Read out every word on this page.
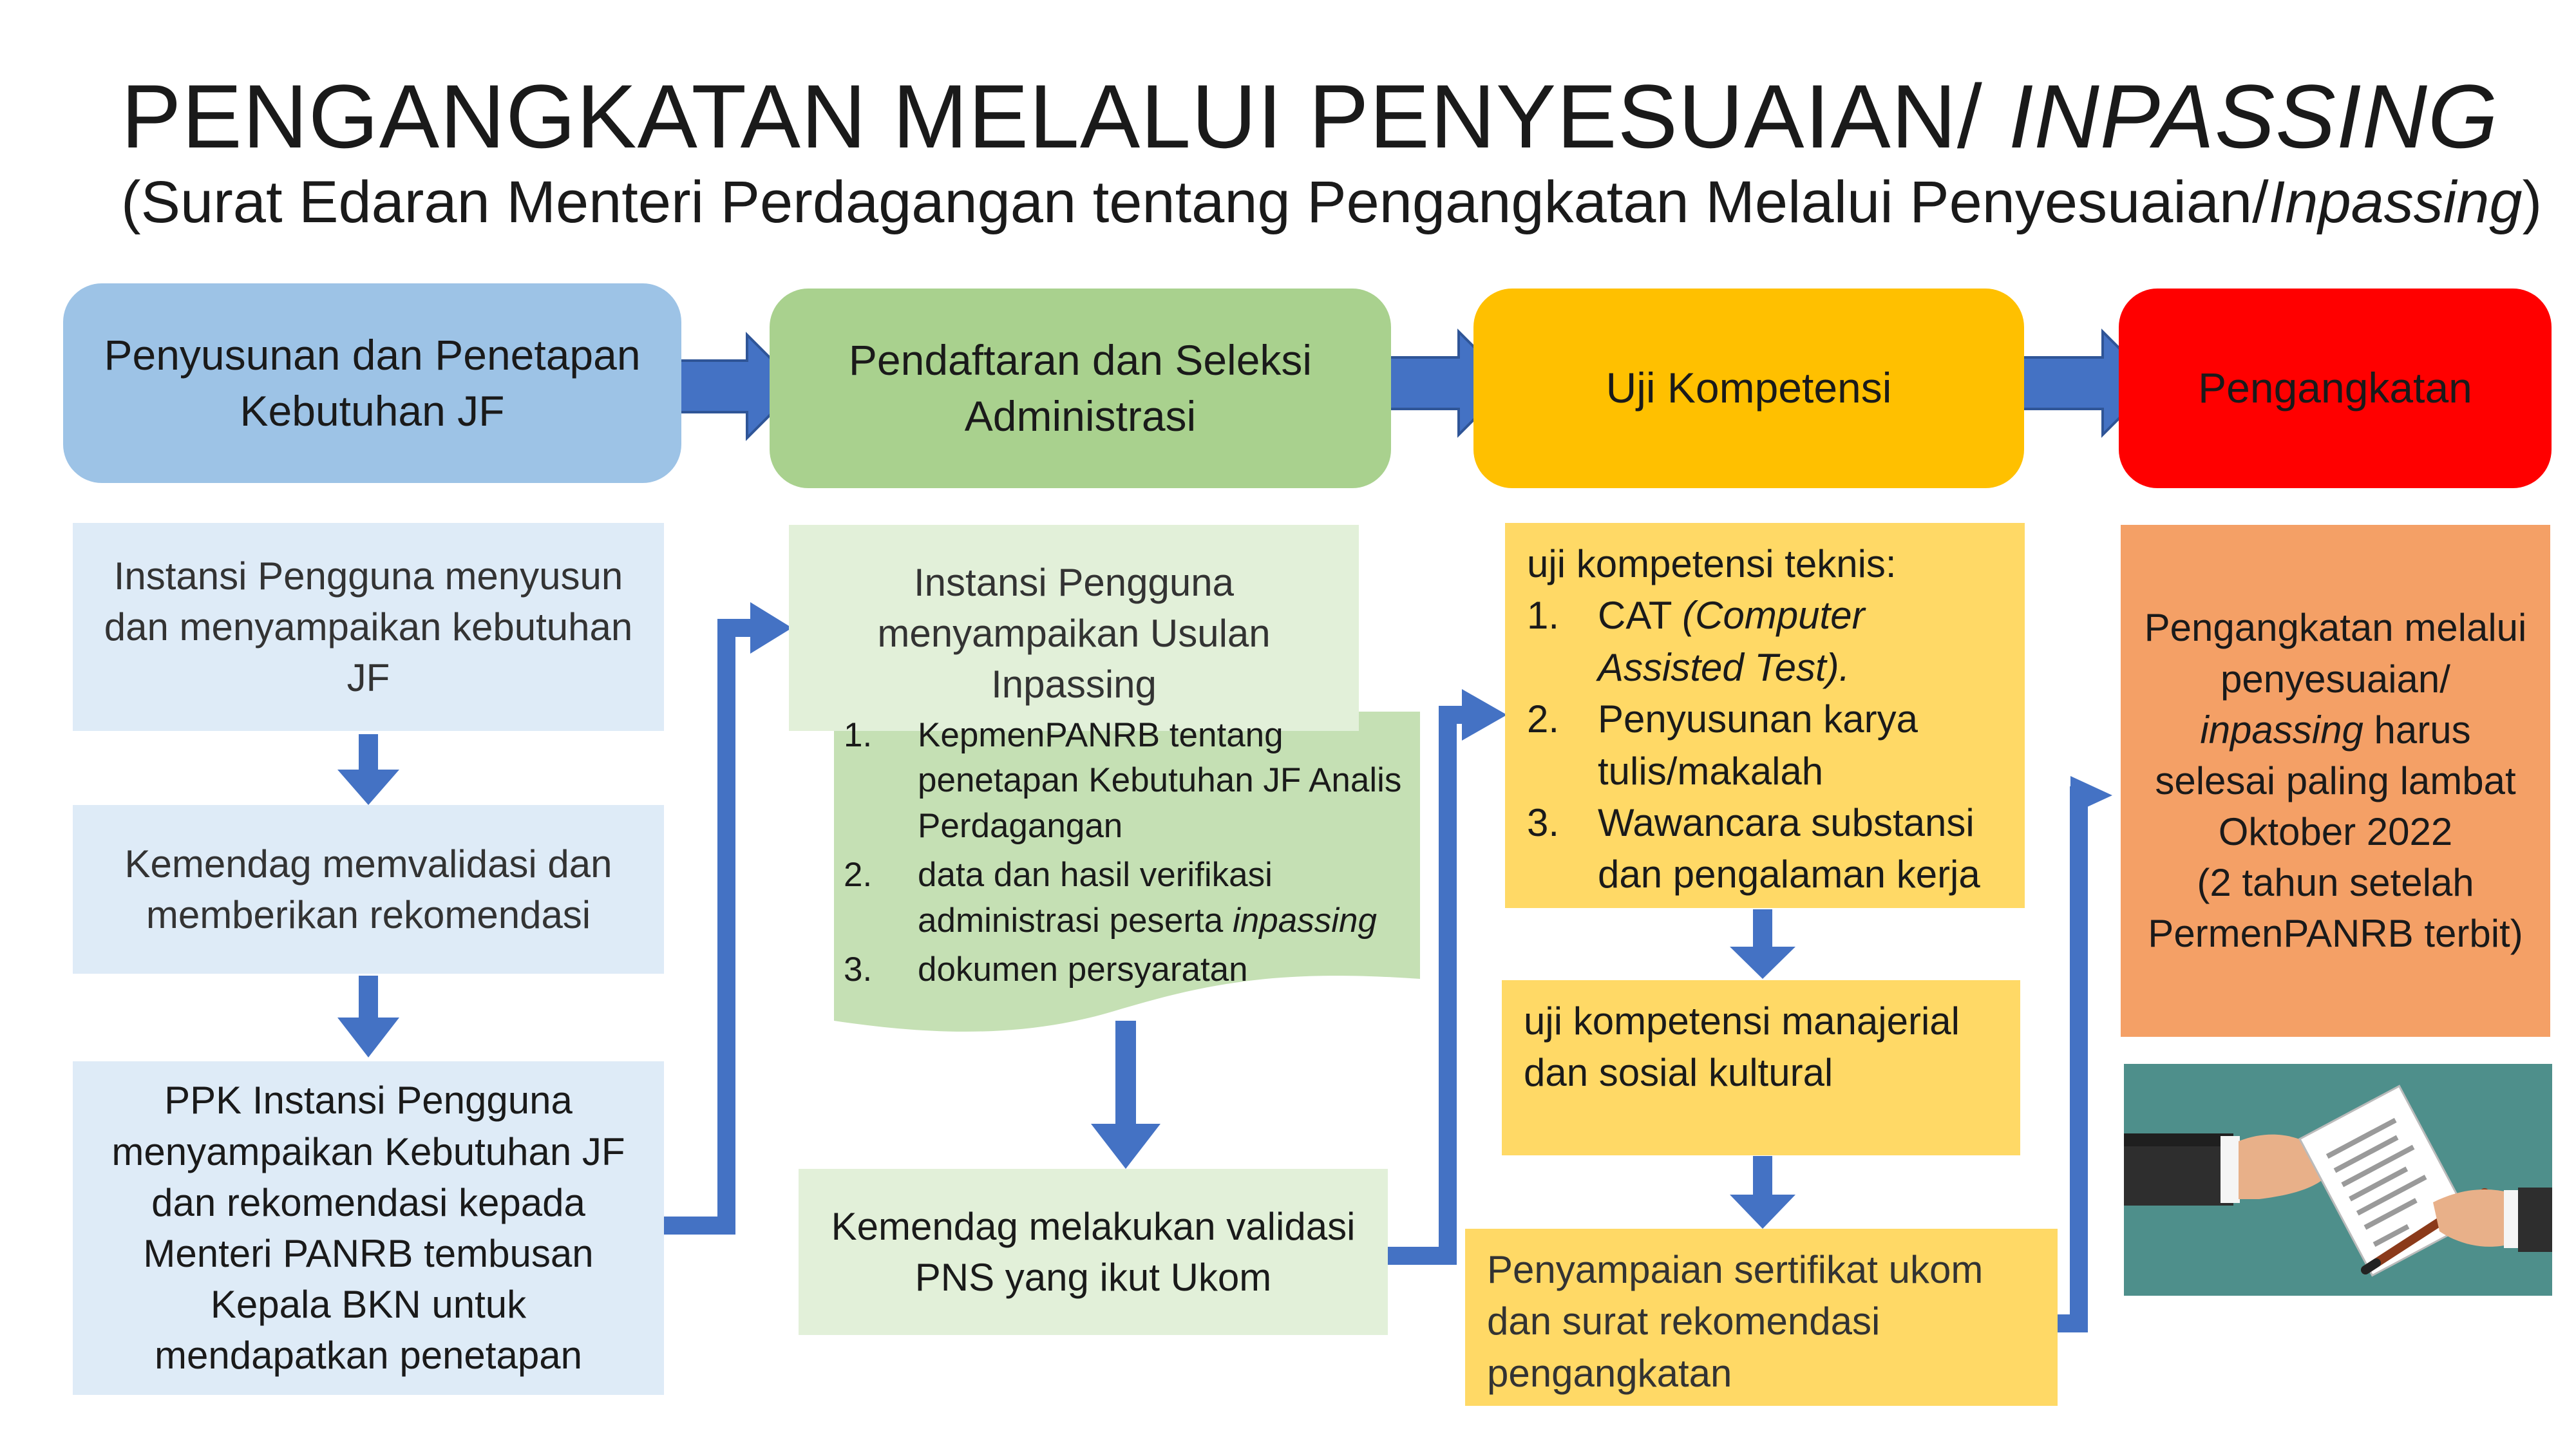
PENGANGKATAN MELALUI PENYESUAIAN/ INPASSING
(Surat Edaran Menteri Perdagangan tentang Pengangkatan Melalui Penyesuaian/Inpassing)
Penyusunan dan Penetapan Kebutuhan JF
Pendaftaran dan Seleksi Administrasi
Uji Kompetensi	Pengangkatan
Instansi Pengguna menyusun dan menyampaikan kebutuhan JF
Kemendag memvalidasi dan memberikan rekomendasi
PPK Instansi Pengguna menyampaikan Kebutuhan JF dan rekomendasi kepada Menteri PANRB tembusan Kepala BKN untuk mendapatkan penetapan
Instansi Pengguna menyampaikan Usulan Inpassing
1.	KepmenPANRB tentang penetapan Kebutuhan JF Analis Perdagangan
2.	data dan hasil verifikasi administrasi peserta inpassing
3.	dokumen persyaratan
Kemendag melakukan validasi PNS yang ikut Ukom
uji kompetensi teknis:
1. CAT (Computer Assisted Test).
2. Penyusunan karya tulis/makalah
3. Wawancara substansi dan pengalaman kerja
uji kompetensi manajerial dan sosial kultural
Penyampaian sertifikat ukom dan surat rekomendasi pengangkatan
Pengangkatan melalui penyesuaian/
inpassing harus selesai paling lambat Oktober 2022
(2 tahun setelah PermenPANRB terbit)
